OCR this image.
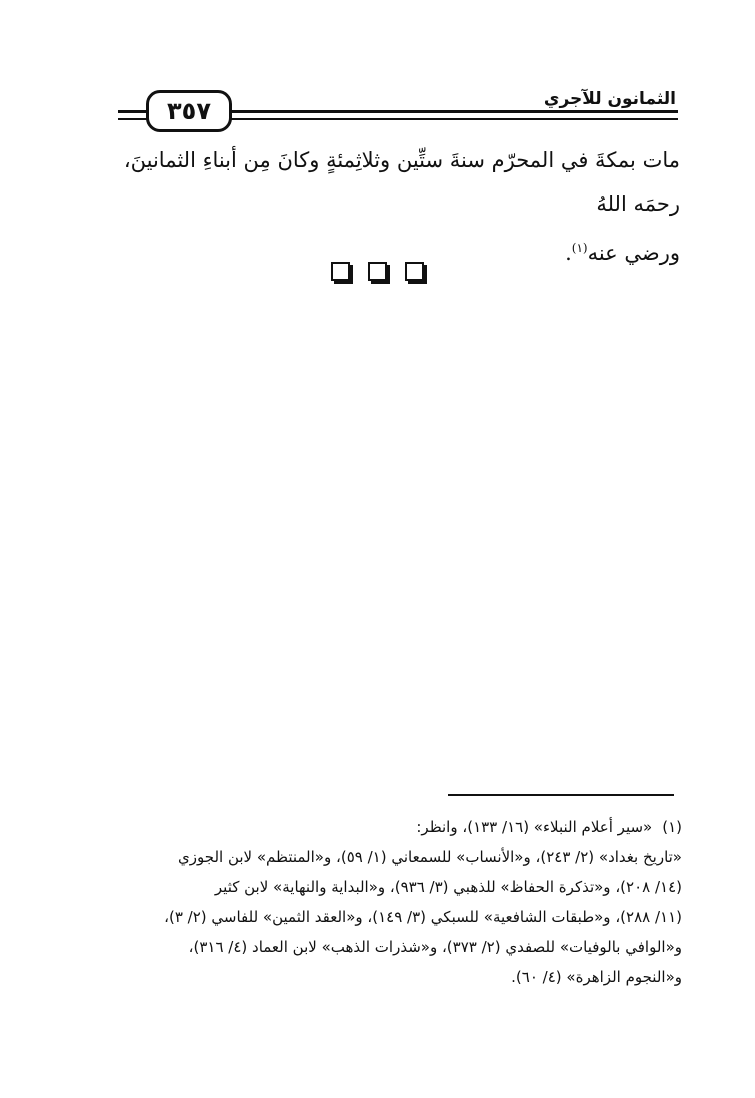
٣٥٧	الثمانون للآجري

مات بمكةَ في المحرّم سنةَ ستِّين وثلاثِمئةٍ وكانَ مِن أبناءِ الثمانينَ، رحمَه اللهُ

ورضي عنه$^{(١)}$.

(١)«سير أعلام النبلاء» (١٦/ ١٣٣)، وانظر:

«تاريخ بغداد» (٢/ ٢٤٣)، و«الأنساب» للسمعاني (١/ ٥٩)، و«المنتظم» لابن الجوزي

(١٤/ ٢٠٨)، و«تذكرة الحفاظ» للذهبي (٣/ ٩٣٦)، و«البداية والنهاية» لابن كثير

(١١/ ٢٨٨)، و«طبقات الشافعية» للسبكي (٣/ ١٤٩)، و«العقد الثمين» للفاسي (٢/ ٣)،

و«الوافي بالوفيات» للصفدي (٢/ ٣٧٣)، و«شذرات الذهب» لابن العماد (٤/ ٣١٦)،

و«النجوم الزاهرة» (٤/ ٦٠).
